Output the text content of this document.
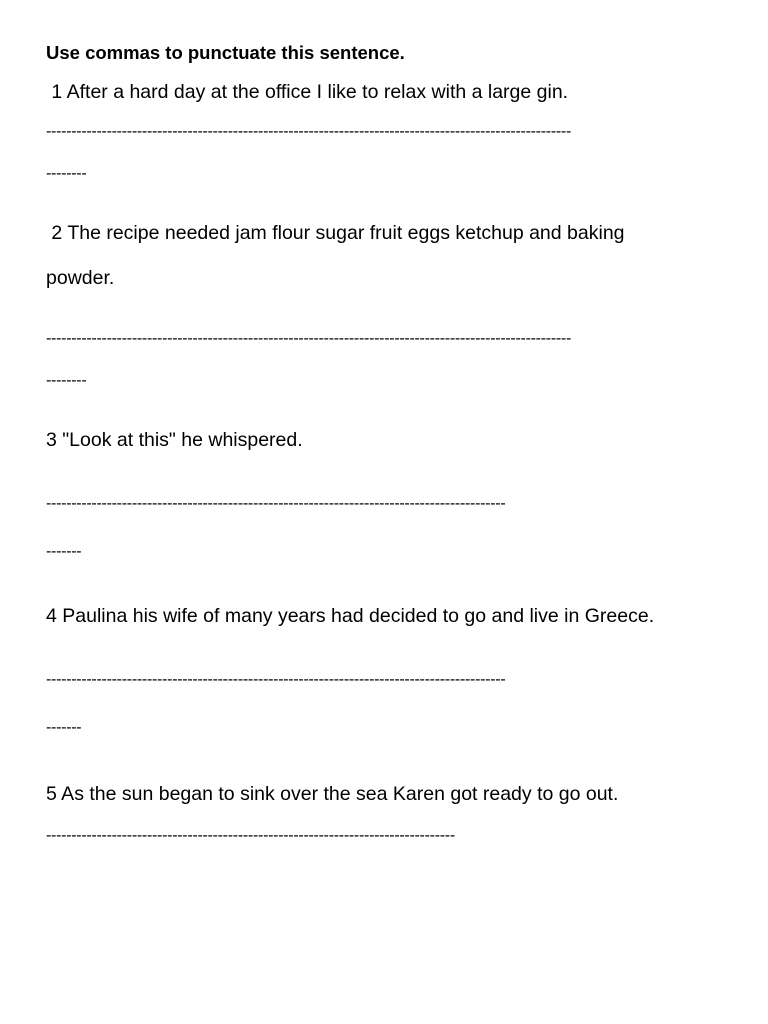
Use commas to punctuate this sentence.

1 After a hard day at the office I like to relax with a large gin.

--------------------------------------------------------------------------------------------------------

--------

2 The recipe needed jam flour sugar fruit eggs ketchup and baking

powder.

--------------------------------------------------------------------------------------------------------

--------

3 "Look at this" he whispered.

-------------------------------------------------------------------------------------------

-------

4 Paulina his wife of many years had decided to go and live in Greece.

-------------------------------------------------------------------------------------------

-------

5 As the sun began to sink over the sea Karen got ready to go out.

---------------------------------------------------------------------------------
